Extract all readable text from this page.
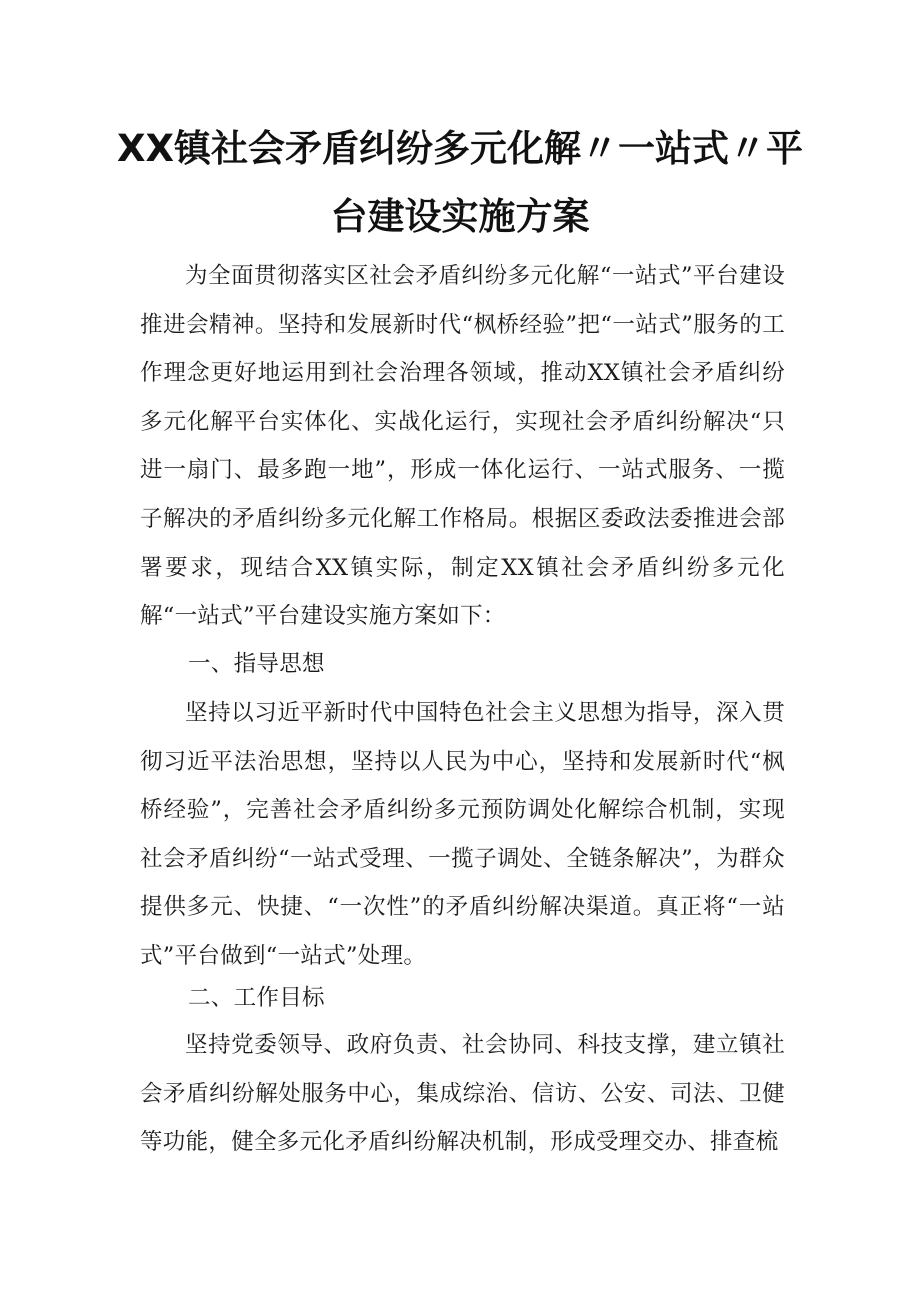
XX镇社会矛盾纠纷多元化解〃一站式〃平
台建设实施方案

为全面贯彻落实区社会矛盾纠纷多元化解“一站式”平台建设推进会精神。坚持和发展新时代“枫桥经验”把“一站式”服务的工作理念更好地运用到社会治理各领域，推动XX镇社会矛盾纠纷多元化解平台实体化、实战化运行，实现社会矛盾纠纷解决“只进一扇门、最多跑一地”，形成一体化运行、一站式服务、一揽子解决的矛盾纠纷多元化解工作格局。根据区委政法委推进会部署要求，现结合XX镇实际，制定XX镇社会矛盾纠纷多元化解“一站式”平台建设实施方案如下：

一、指导思想

坚持以习近平新时代中国特色社会主义思想为指导，深入贯彻习近平法治思想，坚持以人民为中心，坚持和发展新时代“枫桥经验”，完善社会矛盾纠纷多元预防调处化解综合机制，实现社会矛盾纠纷“一站式受理、一揽子调处、全链条解决”，为群众提供多元、快捷、“一次性”的矛盾纠纷解决渠道。真正将“一站式”平台做到“一站式”处理。

二、工作目标

坚持党委领导、政府负责、社会协同、科技支撑，建立镇社会矛盾纠纷解处服务中心，集成综治、信访、公安、司法、卫健等功能，健全多元化矛盾纠纷解决机制，形成受理交办、排查梳
